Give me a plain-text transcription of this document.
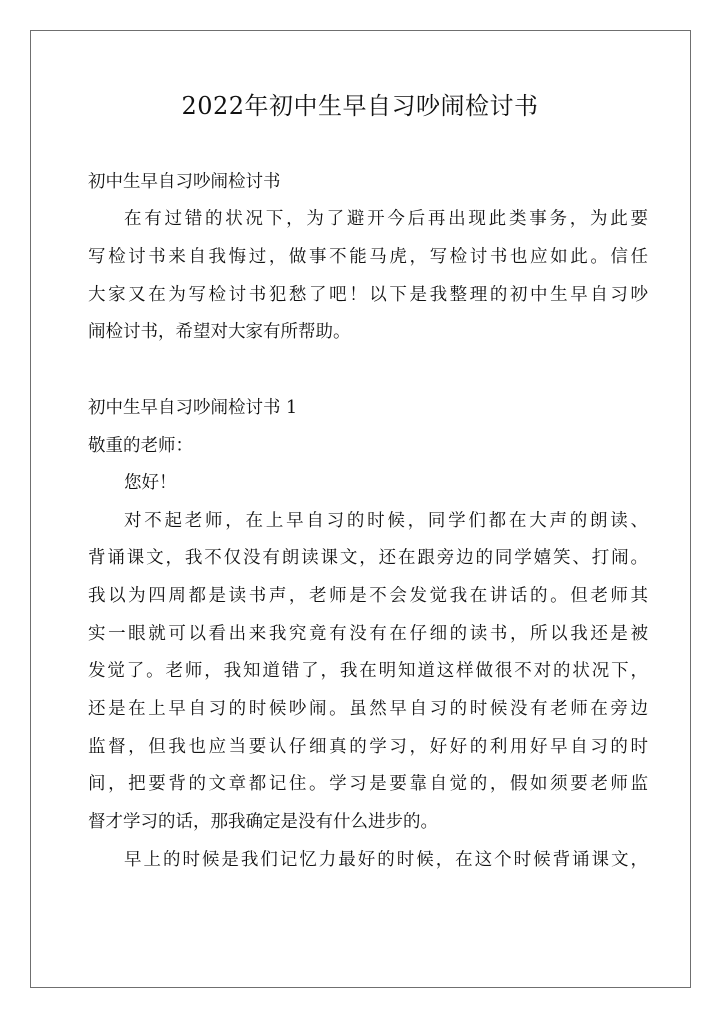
2022年初中生早自习吵闹检讨书
初中生早自习吵闹检讨书
在有过错的状况下，为了避开今后再出现此类事务，为此要
写检讨书来自我悔过，做事不能马虎，写检讨书也应如此。信任
大家又在为写检讨书犯愁了吧！以下是我整理的初中生早自习吵
闹检讨书，希望对大家有所帮助。
初中生早自习吵闹检讨书 1
敬重的老师：
您好！
对不起老师，在上早自习的时候，同学们都在大声的朗读、
背诵课文，我不仅没有朗读课文，还在跟旁边的同学嬉笑、打闹。
我以为四周都是读书声，老师是不会发觉我在讲话的。但老师其
实一眼就可以看出来我究竟有没有在仔细的读书，所以我还是被
发觉了。老师，我知道错了，我在明知道这样做很不对的状况下，
还是在上早自习的时候吵闹。虽然早自习的时候没有老师在旁边
监督，但我也应当要认仔细真的学习，好好的利用好早自习的时
间，把要背的文章都记住。学习是要靠自觉的，假如须要老师监
督才学习的话，那我确定是没有什么进步的。
早上的时候是我们记忆力最好的时候，在这个时候背诵课文，
